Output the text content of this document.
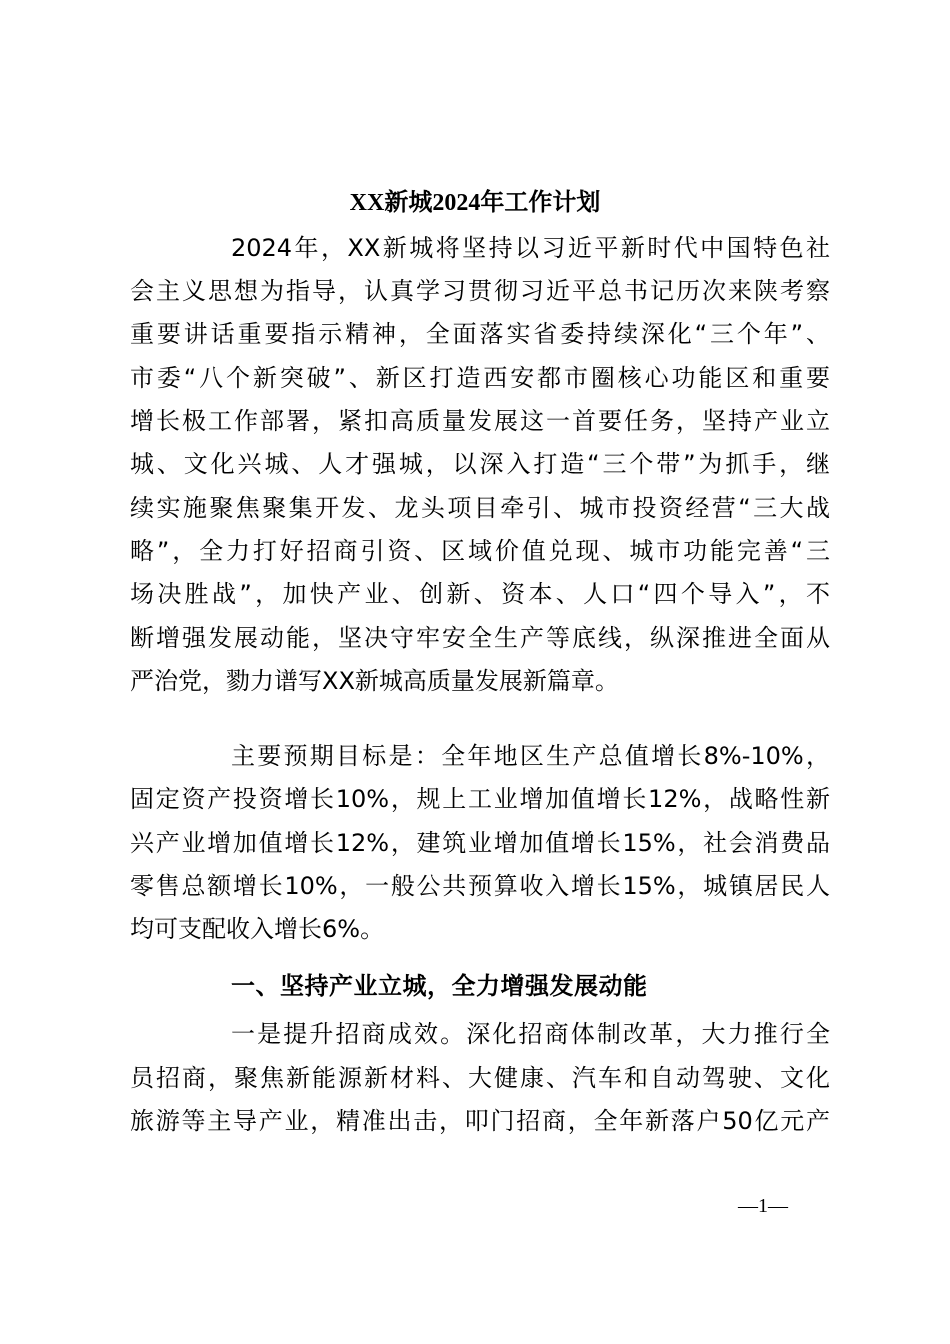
XX新城2024年工作计划
2024年，XX新城将坚持以习近平新时代中国特色社
会主义思想为指导，认真学习贯彻习近平总书记历次来陕考察
重要讲话重要指示精神，全面落实省委持续深化“三个年”、
市委“八个新突破”、新区打造西安都市圈核心功能区和重要
增长极工作部署，紧扣高质量发展这一首要任务，坚持产业立
城、文化兴城、人才强城，以深入打造“三个带”为抓手，继
续实施聚焦聚集开发、龙头项目牵引、城市投资经营“三大战
略”，全力打好招商引资、区域价值兑现、城市功能完善“三
场决胜战”，加快产业、创新、资本、人口“四个导入”，不
断增强发展动能，坚决守牢安全生产等底线，纵深推进全面从
严治党，勠力谱写XX新城高质量发展新篇章。
主要预期目标是：全年地区生产总值增长8%-10%，
固定资产投资增长10%，规上工业增加值增长12%，战略性新
兴产业增加值增长12%，建筑业增加值增长15%，社会消费品
零售总额增长10%，一般公共预算收入增长15%，城镇居民人
均可支配收入增长6%。
一、坚持产业立城，全力增强发展动能
一是提升招商成效。深化招商体制改革，大力推行全
员招商，聚焦新能源新材料、大健康、汽车和自动驾驶、文化
旅游等主导产业，精准出击，叩门招商，全年新落户50亿元产
—1—
